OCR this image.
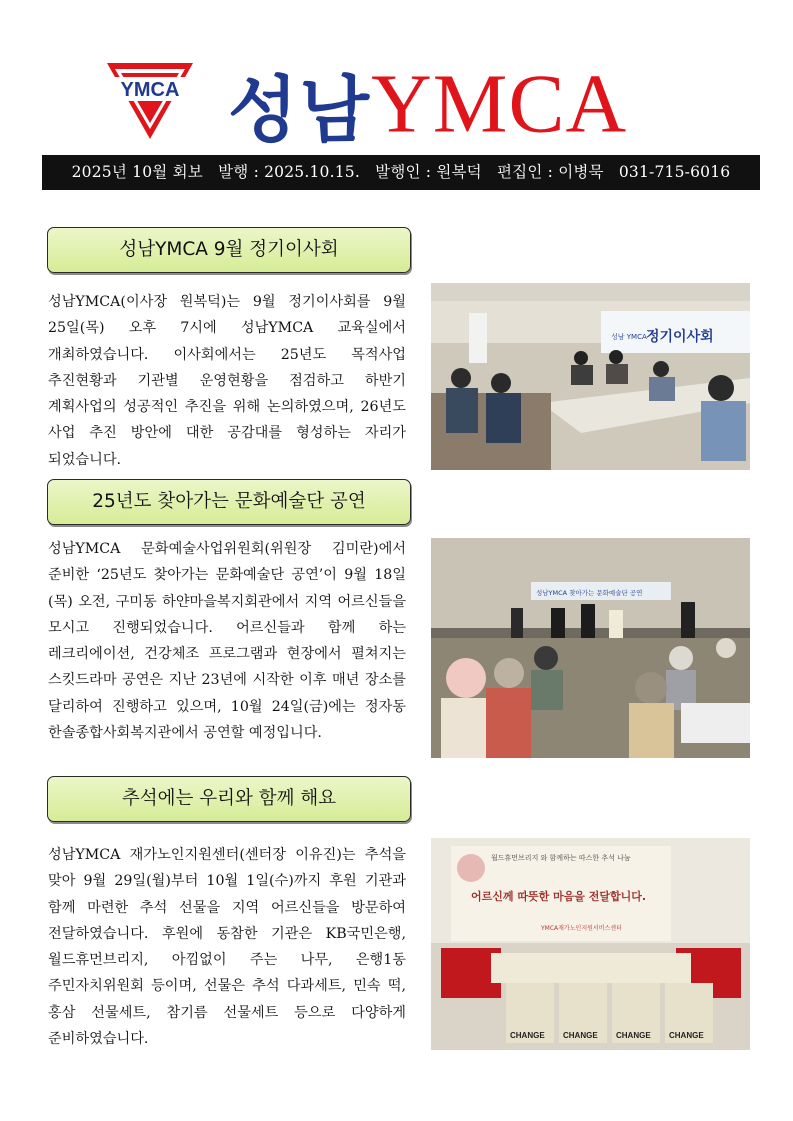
YMCA 성남YMCA
2025년 10월 회보 발행 : 2025.10.15. 발행인 : 원복덕 편집인 : 이병묵 031-715-6016
성남YMCA 9월 정기이사회
성남YMCA(이사장 원복덕)는 9월 정기이사회를 9월 25일(목) 오후 7시에 성남YMCA 교육실에서 개최하였습니다. 이사회에서는 25년도 목적사업 추진현황과 기관별 운영현황을 점검하고 하반기 계획사업의 성공적인 추진을 위해 논의하였으며, 26년도 사업 추진 방안에 대한 공감대를 형성하는 자리가 되었습니다.
성남 YMCA 정기이사회
25년도 찾아가는 문화예술단 공연
성남YMCA 문화예술사업위원회(위원장 김미란)에서 준비한 ‘25년도 찾아가는 문화예술단 공연’이 9월 18일(목) 오전, 구미동 하얀마을복지회관에서 지역 어르신들을 모시고 진행되었습니다. 어르신들과 함께 하는 레크리에이션, 건강체조 프로그램과 현장에서 펼쳐지는 스킷드라마 공연은 지난 23년에 시작한 이후 매년 장소를 달리하여 진행하고 있으며, 10월 24일(금)에는 정자동 한솔종합사회복지관에서 공연할 예정입니다.
성남YMCA 찾아가는 문화예술단 공연
추석에는 우리와 함께 해요
성남YMCA 재가노인지원센터(센터장 이유진)는 추석을 맞아 9월 29일(월)부터 10월 1일(수)까지 후원 기관과 함께 마련한 추석 선물을 지역 어르신들을 방문하여 전달하였습니다. 후원에 동참한 기관은 KB국민은행, 월드휴먼브리지, 아낌없이 주는 나무, 은행1동 주민자치위원회 등이며, 선물은 추석 다과세트, 민속 떡, 홍삼 선물세트, 참기름 선물세트 등으로 다양하게 준비하였습니다.
월드휴먼브리지 와 함께하는 따스한 추석 나눔
어르신께 따뜻한 마음을 전달합니다.
YMCA재가노인지원서비스센터
CHANGE CHANGE CHANGE CHANGE
